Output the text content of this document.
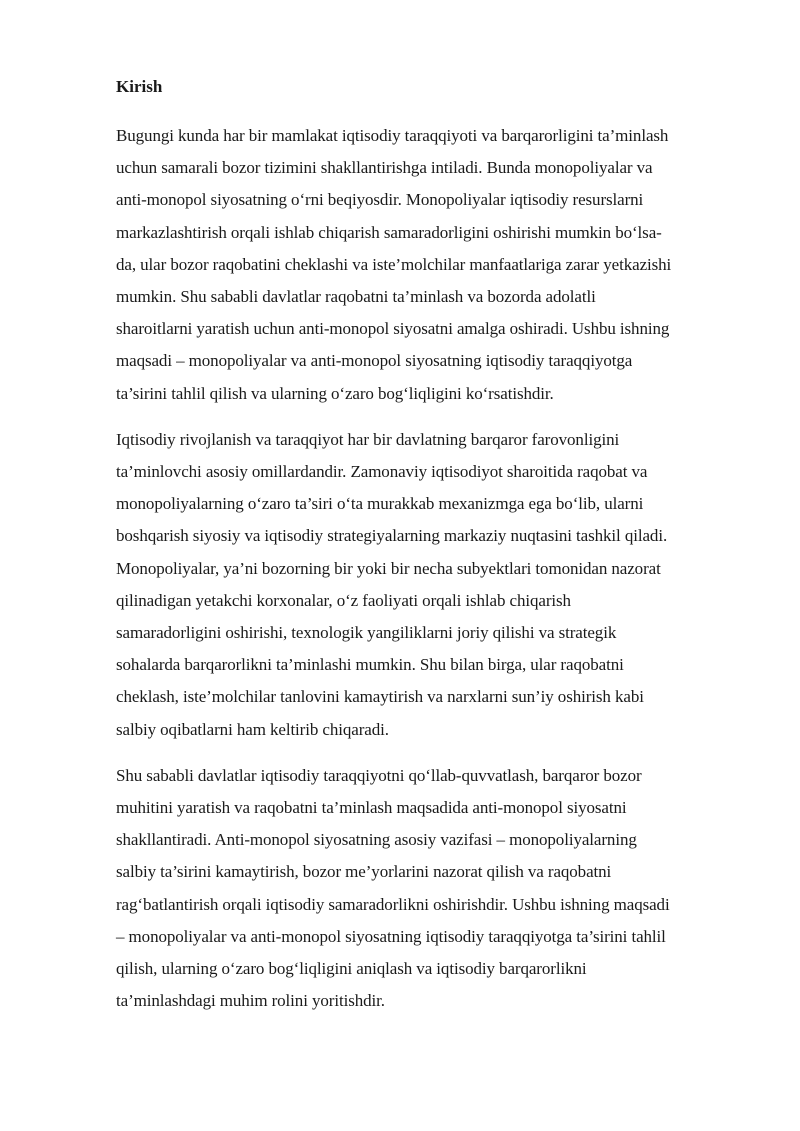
Kirish

Bugungi kunda har bir mamlakat iqtisodiy taraqqiyoti va barqarorligini ta’minlash
uchun samarali bozor tizimini shakllantirishga intiladi. Bunda monopoliyalar va
anti-monopol siyosatning o‘rni beqiyosdir. Monopoliyalar iqtisodiy resurslarni
markazlashtirish orqali ishlab chiqarish samaradorligini oshirishi mumkin bo‘lsa-
da, ular bozor raqobatini cheklashi va iste’molchilar manfaatlariga zarar yetkazishi
mumkin. Shu sababli davlatlar raqobatni ta’minlash va bozorda adolatli
sharoitlarni yaratish uchun anti-monopol siyosatni amalga oshiradi. Ushbu ishning
maqsadi – monopoliyalar va anti-monopol siyosatning iqtisodiy taraqqiyotga
ta’sirini tahlil qilish va ularning o‘zaro bog‘liqligini ko‘rsatishdir.

Iqtisodiy rivojlanish va taraqqiyot har bir davlatning barqaror farovonligini
ta’minlovchi asosiy omillardandir. Zamonaviy iqtisodiyot sharoitida raqobat va
monopoliyalarning o‘zaro ta’siri o‘ta murakkab mexanizmga ega bo‘lib, ularni
boshqarish siyosiy va iqtisodiy strategiyalarning markaziy nuqtasini tashkil qiladi.
Monopoliyalar, ya’ni bozorning bir yoki bir necha subyektlari tomonidan nazorat
qilinadigan yetakchi korxonalar, o‘z faoliyati orqali ishlab chiqarish
samaradorligini oshirishi, texnologik yangiliklarni joriy qilishi va strategik
sohalarda barqarorlikni ta’minlashi mumkin. Shu bilan birga, ular raqobatni
cheklash, iste’molchilar tanlovini kamaytirish va narxlarni sun’iy oshirish kabi
salbiy oqibatlarni ham keltirib chiqaradi.

Shu sababli davlatlar iqtisodiy taraqqiyotni qo‘llab-quvvatlash, barqaror bozor
muhitini yaratish va raqobatni ta’minlash maqsadida anti-monopol siyosatni
shakllantiradi. Anti-monopol siyosatning asosiy vazifasi – monopoliyalarning
salbiy ta’sirini kamaytirish, bozor me’yorlarini nazorat qilish va raqobatni
rag‘batlantirish orqali iqtisodiy samaradorlikni oshirishdir. Ushbu ishning maqsadi
– monopoliyalar va anti-monopol siyosatning iqtisodiy taraqqiyotga ta’sirini tahlil
qilish, ularning o‘zaro bog‘liqligini aniqlash va iqtisodiy barqarorlikni
ta’minlashdagi muhim rolini yoritishdir.
